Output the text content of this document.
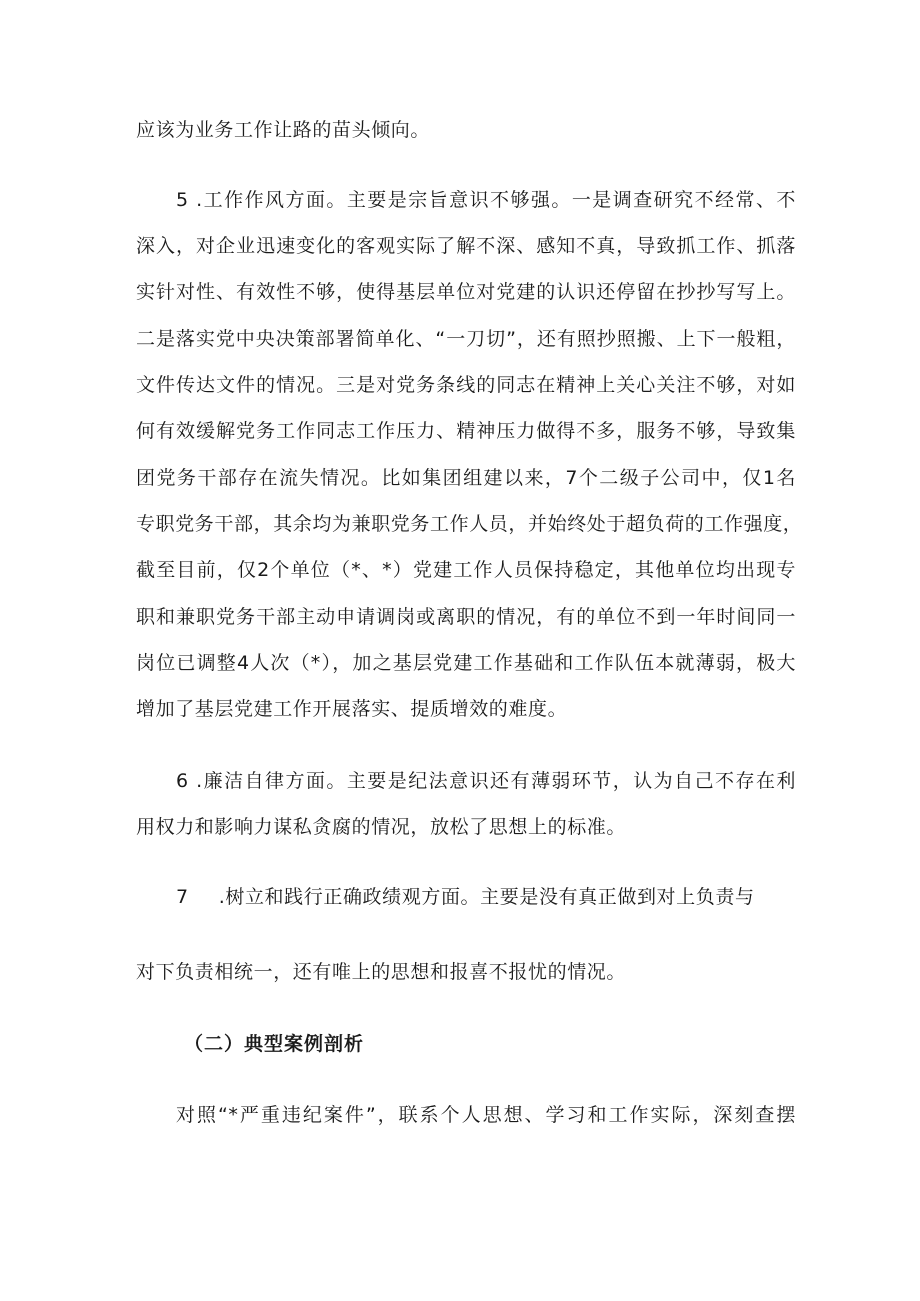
应该为业务工作让路的苗头倾向。
5 .工作作风方面。主要是宗旨意识不够强。一是调查研究不经常、不
深入，对企业迅速变化的客观实际了解不深、感知不真，导致抓工作、抓落
实针对性、有效性不够，使得基层单位对党建的认识还停留在抄抄写写上。
二是落实党中央决策部署简单化、“一刀切”，还有照抄照搬、上下一般粗，
文件传达文件的情况。三是对党务条线的同志在精神上关心关注不够，对如
何有效缓解党务工作同志工作压力、精神压力做得不多，服务不够，导致集
团党务干部存在流失情况。比如集团组建以来，7个二级子公司中，仅1名
专职党务干部，其余均为兼职党务工作人员，并始终处于超负荷的工作强度，
截至目前，仅2个单位（*、*）党建工作人员保持稳定，其他单位均出现专
职和兼职党务干部主动申请调岗或离职的情况，有的单位不到一年时间同一
岗位已调整4人次（*），加之基层党建工作基础和工作队伍本就薄弱，极大
增加了基层党建工作开展落实、提质增效的难度。
6 .廉洁自律方面。主要是纪法意识还有薄弱环节，认为自己不存在利
用权力和影响力谋私贪腐的情况，放松了思想上的标准。
7 .树立和践行正确政绩观方面。主要是没有真正做到对上负责与
对下负责相统一，还有唯上的思想和报喜不报忧的情况。
（二）典型案例剖析
对照“*严重违纪案件”，联系个人思想、学习和工作实际，深刻查摆
